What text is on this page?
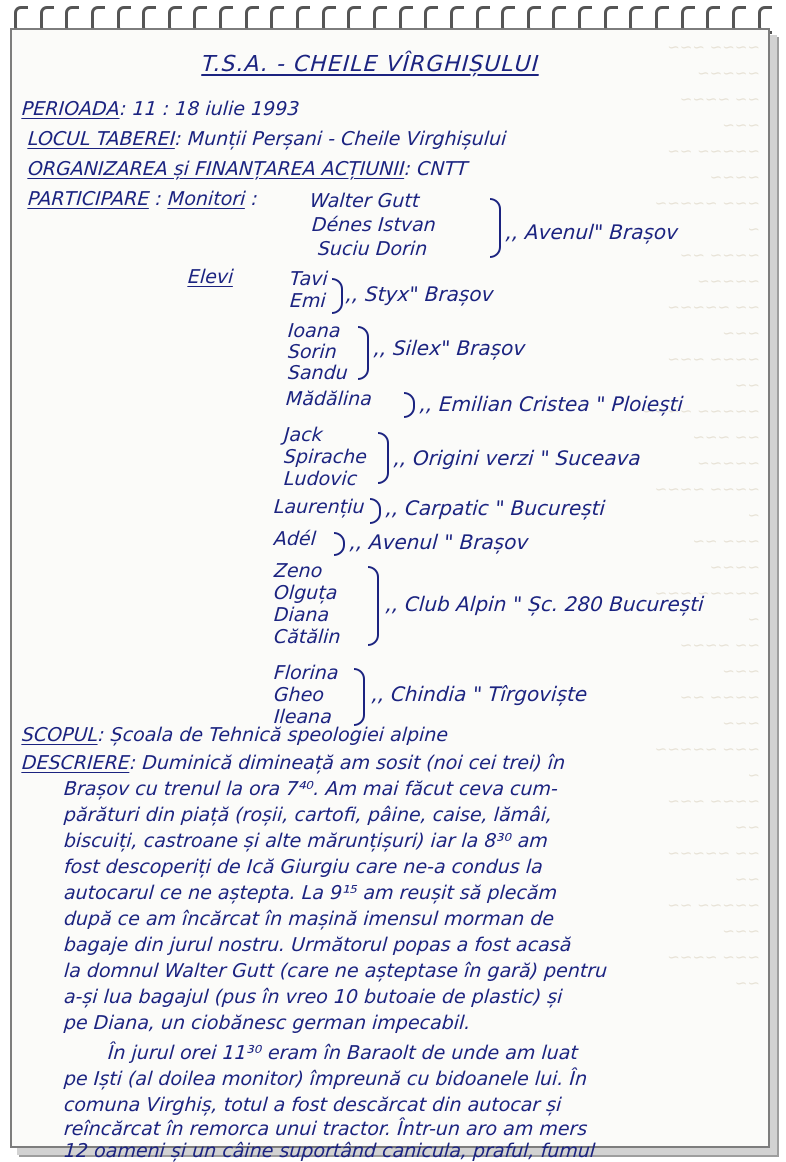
~~~~ ~~~ ~~~~~
~~ ~~~~ ~~~
~~~~~ ~~ ~~~~
~~~ ~~~~~ ~
~~~~ ~~ ~~~~~
~~ ~~~~~ ~~~
~~~~ ~~~ ~~
~~~~~ ~~~~
~~ ~~~ ~~~~~
~~~~ ~~~~ ~
~~~ ~~ ~~~~
~~~~~ ~~~ ~
~~ ~~~~ ~~~
~~~~ ~~ ~~~
~~~ ~~~~~ ~
~~~~ ~~~ ~~
~~ ~~~~~ ~~
~~~~~ ~~ ~~~
~~~ ~~~~ ~~
T.S.A. - CHEILE VÎRGHIȘULUI
PERIOADA: 11 : 18 iulie 1993
LOCUL TABEREI: Munții Perșani - Cheile Virghișului
ORGANIZAREA și FINANȚAREA ACȚIUNII: CNTT
PARTICIPARE : Monitori :	Walter Gutt
Dénes Istvan
Suciu Dorin
,, Avenul" Brașov
Elevi	Tavi
Emi ,, Styx" Brașov
Ioana
Sorin
Sandu
,, Silex" Brașov
Mădălina ,, Emilian Cristea " Ploiești
Jack
Spirache
Ludovic
,, Origini verzi " Suceava
Laurențiu ,, Carpatic " București
Adél ,, Avenul " Brașov
Zeno
Olguța
Diana
Cătălin
,, Club Alpin " Șc. 280 București
Florina
Gheo
Ileana
,, Chindia " Tîrgoviște
SCOPUL: Școala de Tehnică speologiei alpine
DESCRIERE: Duminică dimineață am sosit (noi cei trei) în
Brașov cu trenul la ora 7⁴⁰. Am mai făcut ceva cum-
părături din piață (roșii, cartofi, pâine, caise, lămâi,
biscuiți, castroane și alte mărunțișuri) iar la 8³⁰ am
fost descoperiți de Ică Giurgiu care ne-a condus la
autocarul ce ne aștepta. La 9¹⁵ am reușit să plecăm
după ce am încărcat în mașină imensul morman de
bagaje din jurul nostru. Următorul popas a fost acasă
la domnul Walter Gutt (care ne așteptase în gară) pentru
a-și lua bagajul (pus în vreo 10 butoaie de plastic) și
pe Diana, un ciobănesc german impecabil.
În jurul orei 11³⁰ eram în Baraolt de unde am luat
pe Iști (al doilea monitor) împreună cu bidoanele lui. În
comuna Virghiș, totul a fost descărcat din autocar și
reîncărcat în remorca unui tractor. Într-un aro am mers
12 oameni și un câine suportând canicula, praful, fumul
